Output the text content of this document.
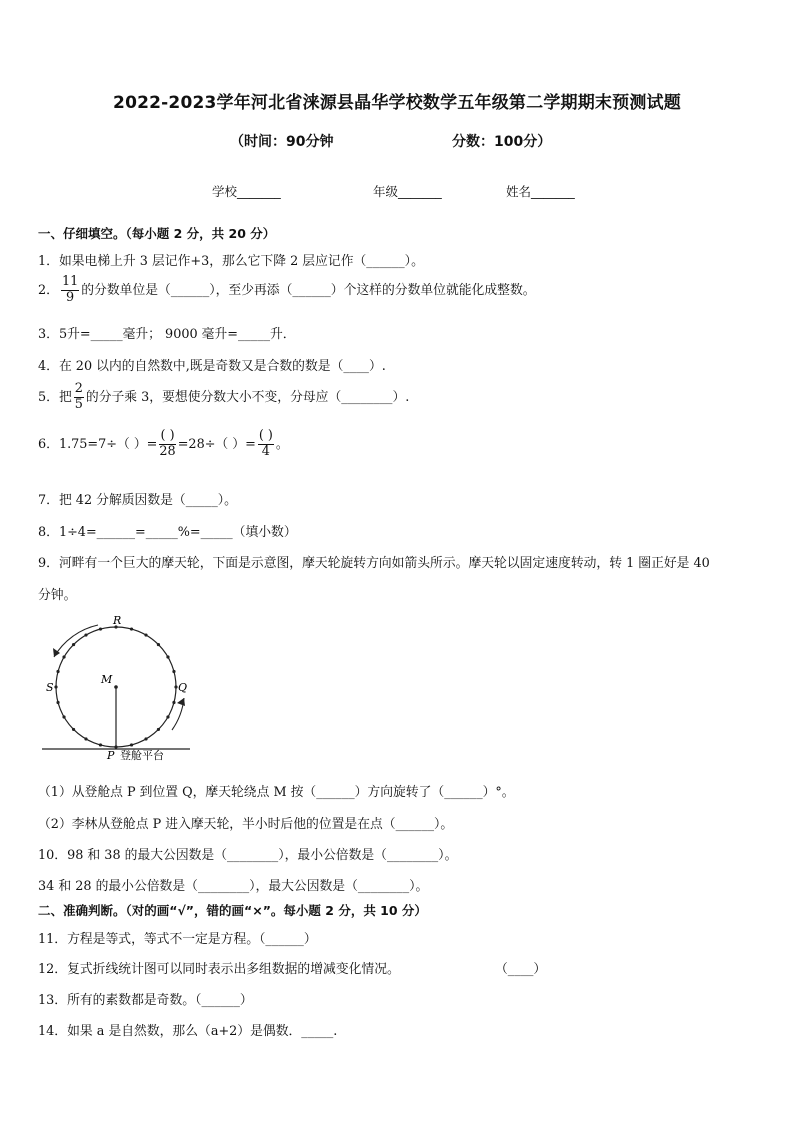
2022-2023学年河北省涞源县晶华学校数学五年级第二学期期末预测试题
（时间：90分钟	分数：100分）
学校_______	年级_______	姓名_______
一、仔细填空。（每小题 2 分，共 20 分）
1．如果电梯上升 3 层记作+3，那么它下降 2 层应记作（______）。
2． $\frac{11}{9}$ 的分数单位是（______），至少再添（______）个这样的分数单位就能化成整数。
3．5升=_____毫升； 9000 毫升=_____升．
4．在 20 以内的自然数中,既是奇数又是合数的数是（____）.
5．把 $\frac{2}{5}$ 的分子乘 3，要想使分数大小不变，分母应（________）.
6．1.75=7÷（ ）= $\frac{( )}{28} =28\div$（ ）= $\frac{( )}{4}$ 。
7．把 42 分解质因数是（_____）。
8．1÷4=______=_____%=_____（填小数）
9．河畔有一个巨大的摩天轮，下面是示意图，摩天轮旋转方向如箭头所示。摩天轮以固定速度转动，转 1 圈正好是 40
分钟。
R
S	Q
M
P 登舱平台
（1）从登舱点 P 到位置 Q，摩天轮绕点 M 按（______）方向旋转了（______）°。
（2）李林从登舱点 P 进入摩天轮，半小时后他的位置是在点（______）。
10．98 和 38 的最大公因数是（________），最小公倍数是（________）。
34 和 28 的最小公倍数是（________），最大公因数是（________）。
二、准确判断。（对的画“√”，错的画“×”。每小题 2 分，共 10 分）
11．方程是等式，等式不一定是方程。（______）
12．复式折线统计图可以同时表示出多组数据的增减变化情况。	（____）
13．所有的素数都是奇数。（______）
14．如果 a 是自然数，那么（a+2）是偶数．_____.
